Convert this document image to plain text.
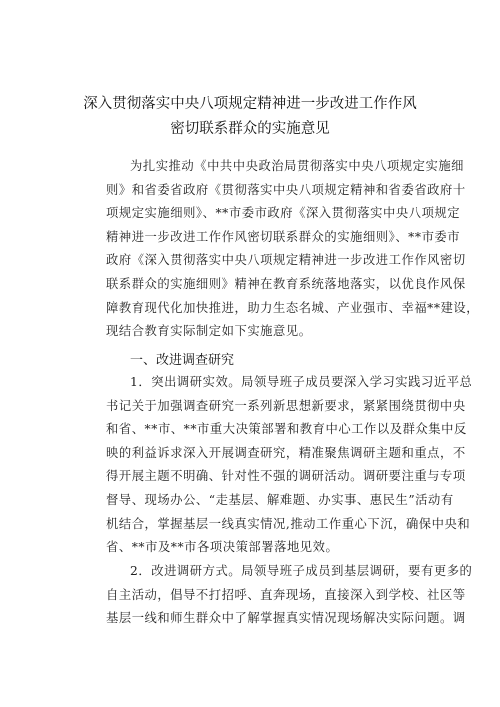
深入贯彻落实中央八项规定精神进一步改进工作作风
密切联系群众的实施意见
为扎实推动《中共中央政治局贯彻落实中央八项规定实施细
则》和省委省政府《贯彻落实中央八项规定精神和省委省政府十
项规定实施细则》、**市委市政府《深入贯彻落实中央八项规定
精神进一步改进工作作风密切联系群众的实施细则》、**市委市
政府《深入贯彻落实中央八项规定精神进一步改进工作作风密切
联系群众的实施细则》精神在教育系统落地落实，以优良作风保
障教育现代化加快推进，助力生态名城、产业强市、幸福**建设，
现结合教育实际制定如下实施意见。
一、改进调查研究
1．突出调研实效。局领导班子成员要深入学习实践习近平总
书记关于加强调查研究一系列新思想新要求，紧紧围绕贯彻中央
和省、**市、**市重大决策部署和教育中心工作以及群众集中反
映的利益诉求深入开展调查研究，精准聚焦调研主题和重点，不
得开展主题不明确、针对性不强的调研活动。调研要注重与专项
督导、现场办公、“走基层、解难题、办实事、惠民生”活动有
机结合，掌握基层一线真实情况,推动工作重心下沉，确保中央和
省、**市及**市各项决策部署落地见效。
2．改进调研方式。局领导班子成员到基层调研，要有更多的
自主活动，倡导不打招呼、直奔现场，直接深入到学校、社区等
基层一线和师生群众中了解掌握真实情况现场解决实际问题。调
